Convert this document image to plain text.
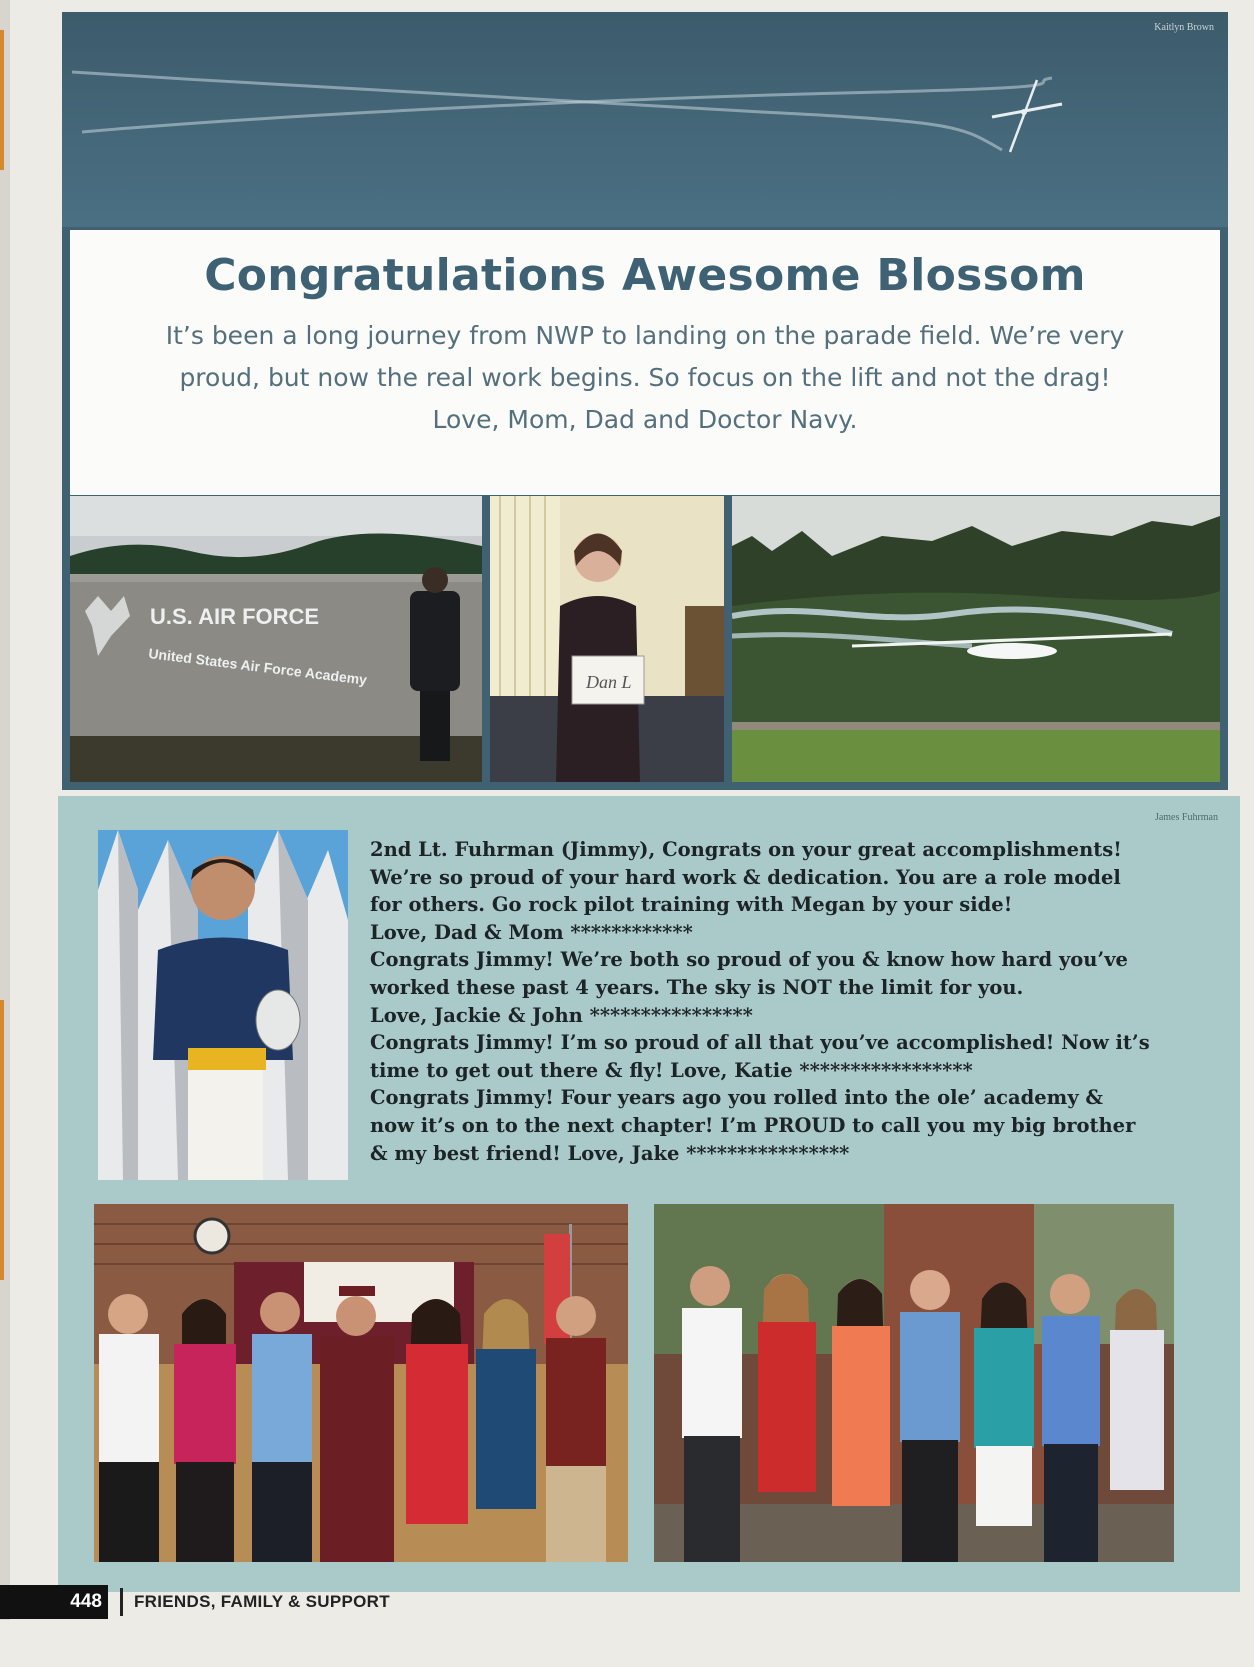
Kaitlyn Brown
Congratulations Awesome Blossom
It’s been a long journey from NWP to landing on the parade field. We’re very
proud, but now the real work begins. So focus on the lift and not the drag!
Love, Mom, Dad and Doctor Navy.
U.S. AIR FORCE
United States Air Force Academy	Dan L
James Fuhrman

2nd Lt. Fuhrman (Jimmy), Congrats on your great accomplishments!
We’re so proud of your hard work & dedication. You are a role model
for others. Go rock pilot training with Megan by your side!
Love, Dad & Mom ************

Congrats Jimmy! We’re both so proud of you & know how hard you’ve
worked these past 4 years. The sky is NOT the limit for you.
Love, Jackie & John ****************

Congrats Jimmy! I’m so proud of all that you’ve accomplished! Now it’s
time to get out there & fly! Love, Katie *****************

Congrats Jimmy! Four years ago you rolled into the ole’ academy &
now it’s on to the next chapter! I’m PROUD to call you my big brother
& my best friend! Love, Jake ****************

448	FRIENDS, FAMILY & SUPPORT
